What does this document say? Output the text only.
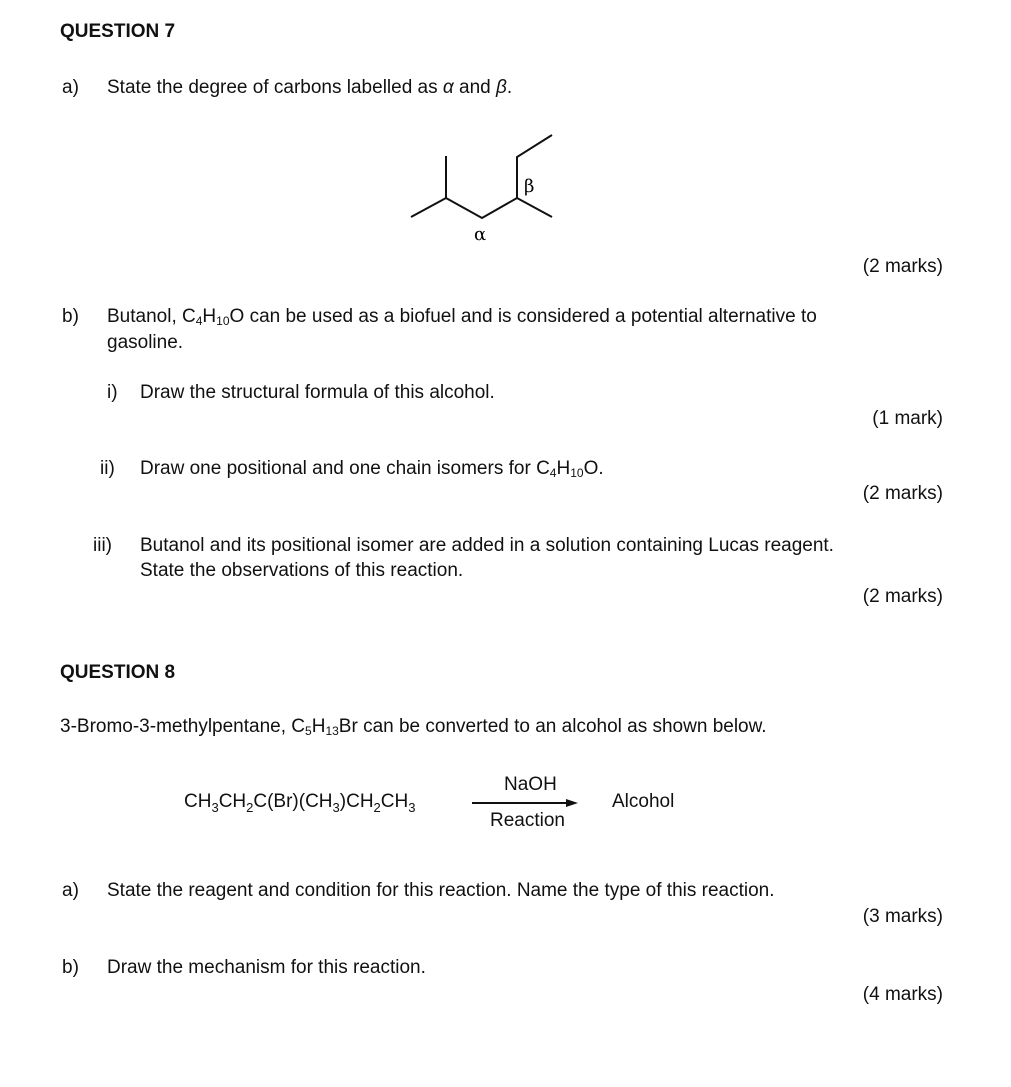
QUESTION 7
a) State the degree of carbons labelled as α and β.
α
β
(2 marks)
b) Butanol, $C_4H_{10}O$ can be used as a biofuel and is considered a potential alternative to
gasoline.
i) Draw the structural formula of this alcohol.
(1 mark)
ii) Draw one positional and one chain isomers for $C_4H_{10}O$.
(2 marks)
iii) Butanol and its positional isomer are added in a solution containing Lucas reagent.
State the observations of this reaction.
(2 marks)
QUESTION 8
3-Bromo-3-methylpentane, $C_5H_{13}Br$ can be converted to an alcohol as shown below.
$CH_3CH_2C(Br)(CH_3)CH_2CH_3$
NaOH
Reaction
Alcohol
a) State the reagent and condition for this reaction. Name the type of this reaction.
(3 marks)
b) Draw the mechanism for this reaction.
(4 marks)
